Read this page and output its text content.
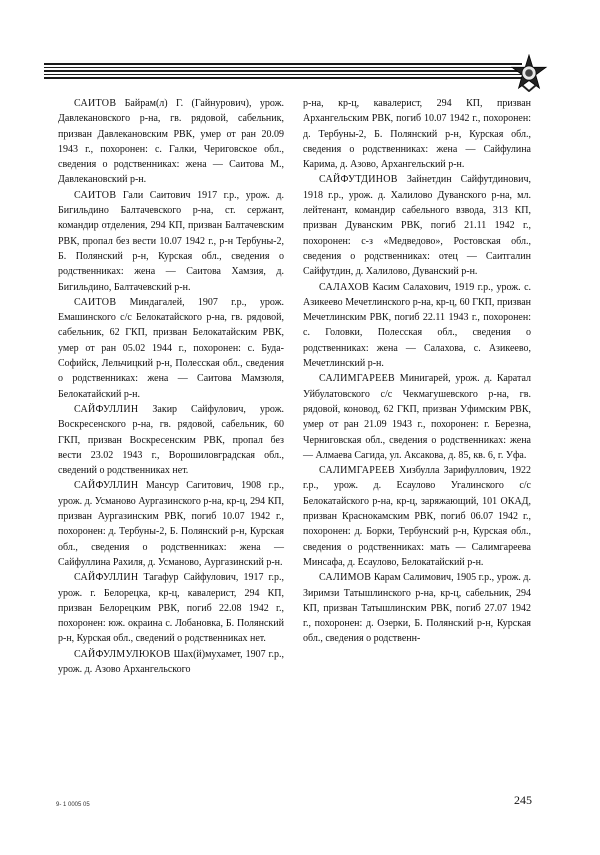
САИТОВ Байрам(л) Г. (Гайнурович), урож. Давлекановского р-на, гв. рядовой, сабельник, призван Давлекановским РВК, умер от ран 20.09 1943 г., похоронен: с. Галки, Чериговское обл., сведения о родственниках: жена — Саитова М., Давлекановский р-н.

САИТОВ Гали Саитович 1917 г.р., урож. д. Бигильдино Балтачевского р-на, ст. сержант, командир отделения, 294 КП, призван Балтачевским РВК, пропал без вести 10.07 1942 г., р-н Тербуны-2, Б. Полянский р-н, Курская обл., сведения о родственниках: жена — Саитова Хамзия, д. Бигильдино, Балтачевский р-н.

САИТОВ Миндагалей, 1907 г.р., урож. Емашинского с/с Белокатайского р-на, гв. рядовой, сабельник, 62 ГКП, призван Белокатайским РВК, умер от ран 05.02 1944 г., похоронен: с. Буда-Софийск, Лельчицкий р-н, Полесская обл., сведения о родственниках: жена — Саитова Мамзюля, Белокатайский р-н.

САЙФУЛЛИН Закир Сайфулович, урож. Воскресенского р-на, гв. рядовой, сабельник, 60 ГКП, призван Воскресенским РВК, пропал без вести 23.02 1943 г., Ворошиловградская обл., сведений о родственниках нет.

САЙФУЛЛИН Мансур Сагитович, 1908 г.р., урож. д. Усманово Аургазинского р-на, кр-ц, 294 КП, призван Аургазинским РВК, погиб 10.07 1942 г., похоронен: д. Тербуны-2, Б. Полянский р-н, Курская обл., сведения о родственниках: жена — Сайфуллина Рахиля, д. Усманово, Аургазинский р-н.

САЙФУЛЛИН Тагафур Сайфулович, 1917 г.р., урож. г. Белорецка, кр-ц, кавалерист, 294 КП, призван Белорецким РВК, погиб 22.08 1942 г., похоронен: юж. окраина с. Лобановка, Б. Полянский р-н, Курская обл., сведений о родственниках нет.

САЙФУЛМУЛЮКОВ Шах(й)мухамет, 1907 г.р., урож. д. Азово Архангельского

р-на, кр-ц, кавалерист, 294 КП, призван Архангельским РВК, погиб 10.07 1942 г., похоронен: д. Тербуны-2, Б. Полянский р-н, Курская обл., сведения о родственниках: жена — Сайфулина Карима, д. Азово, Архангельский р-н.

САЙФУТДИНОВ Зайнетдин Сайфутдинович, 1918 г.р., урож. д. Халилово Дуванского р-на, мл. лейтенант, командир сабельного взвода, 313 КП, призван Дуванским РВК, погиб 21.11 1942 г., похоронен: с-з «Медведово», Ростовская обл., сведения о родственниках: отец — Саитгалин Сайфутдин, д. Халилово, Дуванский р-н.

САЛАХОВ Касим Салахович, 1919 г.р., урож. с. Азикеево Мечетлинского р-на, кр-ц, 60 ГКП, призван Мечетлинским РВК, погиб 22.11 1943 г., похоронен: с. Головки, Полесская обл., сведения о родственниках: жена — Салахова, с. Азикеево, Мечетлинский р-н.

САЛИМГАРЕЕВ Минигарей, урож. д. Каратал Уйбулатовского с/с Чекмагушевского р-на, гв. рядовой, коновод, 62 ГКП, призван Уфимским РВК, умер от ран 21.09 1943 г., похоронен: г. Березна, Черниговская обл., сведения о родственниках: жена — Алмаева Сагида, ул. Аксакова, д. 85, кв. 6, г. Уфа.

САЛИМГАРЕЕВ Хизбулла Зарифуллович, 1922 г.р., урож. д. Есаулово Угалинского с/с Белокатайского р-на, кр-ц, заряжающий, 101 ОКАД, призван Краснокамским РВК, погиб 06.07 1942 г., похоронен: д. Борки, Тербунский р-н, Курская обл., сведения о родственниках: мать — Салимгареева Минсафа, д. Есаулово, Белокатайский р-н.

САЛИМОВ Карам Салимович, 1905 г.р., урож. д. Зиримзи Татышлинского р-на, кр-ц, сабельник, 294 КП, призван Татышлинским РВК, погиб 27.07 1942 г., похоронен: д. Озерки, Б. Полянский р-н, Курская обл., сведения о родственн-

9- 1 0005 05	245
